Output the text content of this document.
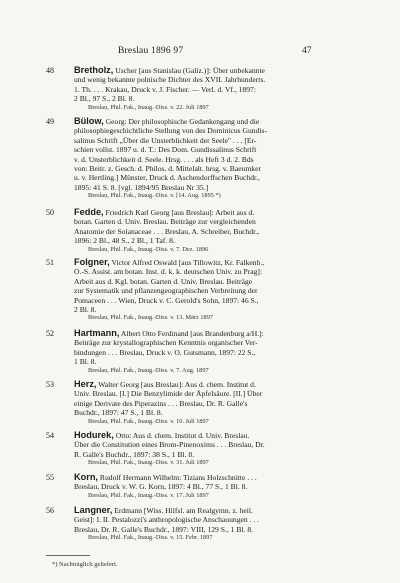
Breslau 1896 97	47
48	Bretholz, Uscher [aus Stanislau (Galiz.)]: Über unbekannte
und wenig bekannte polnische Dichter des XVII. Jahrhunderts.
1. Th. . . . Krakau, Druck v. J. Fischer. — Verl. d. Vf., 1897:
2 Bl., 97 S., 2 Bl. 8.
Breslau, Phil. Fak., Inaug.-Diss. v. 22. Juli 1897
49	Bülow, Georg: Der philosophische Gedankengang und die
philosophiegeschichtliche Stellung von des Dominicus Gundis-
salinus Schrift „Über die Unsterblichkeit der Seele" . . . [Er-
schien vollst. 1897 u. d. T.: Des Dom. Gundissalinus Schrift
v. d. Unsterblichkeit d. Seele. Hrsg. . . . als Heft 3 d. 2. Bds
von: Beitr. z. Gesch. d. Philos. d. Mittelalt. hrsg. v. Baeumker
u. v. Hertling.] Münster, Druck d. Aschendorffschen Buchdr.,
1895: 41 S. 8. [vgl. 1894/95 Breslau Nr 35.]
Breslau, Phil. Fak., Inaug.-Diss. v. [14. Aug. 1895 *)
50	Fedde, Friedrich Karl Georg [aus Breslau]: Arbeit aus d.
botan. Garten d. Univ. Breslau. Beiträge zur vergleichenden
Anatomie der Solanaceae . . . Breslau, A. Schreiber, Buchdr.,
1896: 2 Bl., 48 S., 2 Bl., 1 Taf. 8.
Breslau, Phil. Fak., Inaug.-Diss. v. 7. Dez. 1896
51	Folgner, Victor Alfred Oswald [aus Tillowitz, Kr. Falkenb.,
O.-S. Assist. am botan. Inst. d. k. k. deutschen Univ. zu Prag]:
Arbeit aus d. Kgl. botan. Garten d. Univ. Breslau. Beiträge
zur Systematik und pflanzengeographischen Verbreitung der
Pomaceen . . . Wien, Druck v. C. Gerold's Sohn, 1897: 46 S.,
2 Bl. 8.
Breslau, Phil. Fak., Inaug.-Diss. v. 13. März 1897
52	Hartmann, Albert Otto Ferdinand [aus Brandenburg a/H.]:
Beiträge zur krystallographischen Kenntnis organischer Ver-
bindungen . . . Breslau, Druck v. O. Gutsmann, 1897: 22 S.,
1 Bl. 8.
Breslau, Phil. Fak., Inaug.-Diss. v. 7. Aug. 1897
53	Herz, Walter Georg [aus Breslau]: Aus d. chem. Institut d.
Univ. Breslau. [I.] Die Benzylimide der Äpfelsäure. [II.] Über
einige Derivate des Piperazins . . . Breslau, Dr. R. Galle's
Buchdr., 1897: 47 S., 1 Bl. 8.
Breslau, Phil. Fak., Inaug.-Diss. v. 10. Juli 1897
54	Hodurek, Otto: Aus d. chem. Institut d. Univ. Breslau.
Über die Constitution eines Brom-Pinenoxims . . . Breslau, Dr.
R. Galle's Buchdr., 1897: 38 S., 1 Bl. 8.
Breslau, Phil. Fak., Inaug.-Diss. v. 31. Juli 1897
55	Korn, Rudolf Hermann Wilhelm: Tizians Holzschnitte . . .
Breslau, Druck v. W. G. Korn, 1897: 4 Bl., 77 S., 1 Bl. 8.
Breslau, Phil. Fak., Inaug.-Diss. v. 17. Juli 1897
56	Langner, Erdmann [Wiss. Hilfsl. am Realgymn. z. heil.
Geist]: I. II. Pestalozzi's anthropologische Anschauungen . . .
Breslau, Dr. R. Galle's Buchdr., 1897: VIII, 129 S., 1 Bl. 8.
Breslau, Phil. Fak., Inaug.-Diss. v. 15. Febr. 1897
*) Nachträglich geliefert.
